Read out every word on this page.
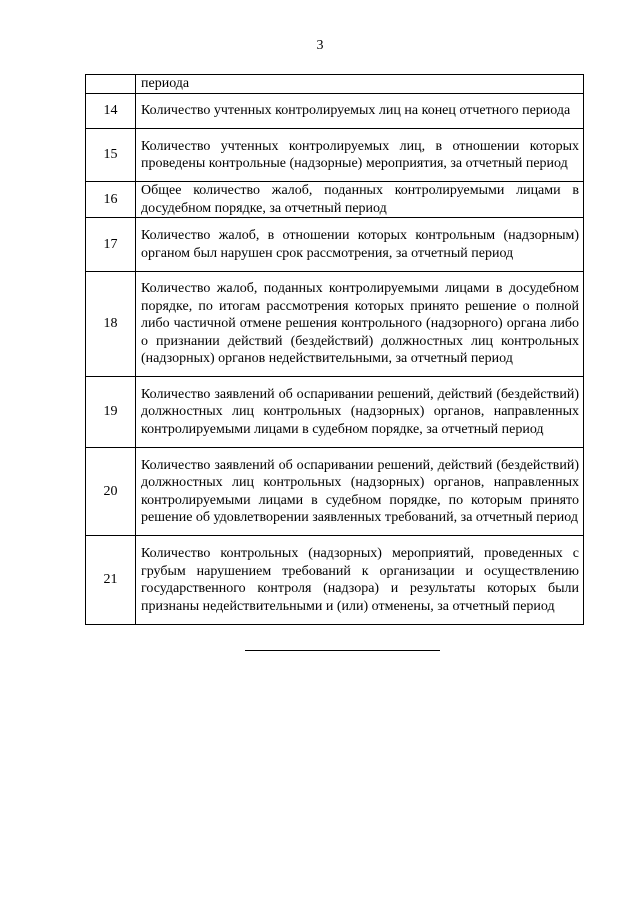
3
	периода
14	Количество учтенных контролируемых лиц на конец отчетного периода
15	Количество учтенных контролируемых лиц, в отношении которых проведены контрольные (надзорные) мероприятия, за отчетный период
16	Общее количество жалоб, поданных контролируемыми лицами в досудебном порядке, за отчетный период
17	Количество жалоб, в отношении которых контрольным (надзорным) органом был нарушен срок рассмотрения, за отчетный период
18	Количество жалоб, поданных контролируемыми лицами в досудебном порядке, по итогам рассмотрения которых принято решение о полной либо частичной отмене решения контрольного (надзорного) органа либо о признании действий (бездействий) должностных лиц контрольных (надзорных) органов недействительными, за отчетный период
19	Количество заявлений об оспаривании решений, действий (бездействий) должностных лиц контрольных (надзорных) органов, направленных контролируемыми лицами в судебном порядке, за отчетный период
20	Количество заявлений об оспаривании решений, действий (бездействий) должностных лиц контрольных (надзорных) органов, направленных контролируемыми лицами в судебном порядке, по которым принято решение об удовлетворении заявленных требований, за отчетный период
21	Количество контрольных (надзорных) мероприятий, проведенных с грубым нарушением требований к организации и осуществлению государственного контроля (надзора) и результаты которых были признаны недействительными и (или) отменены, за отчетный период
